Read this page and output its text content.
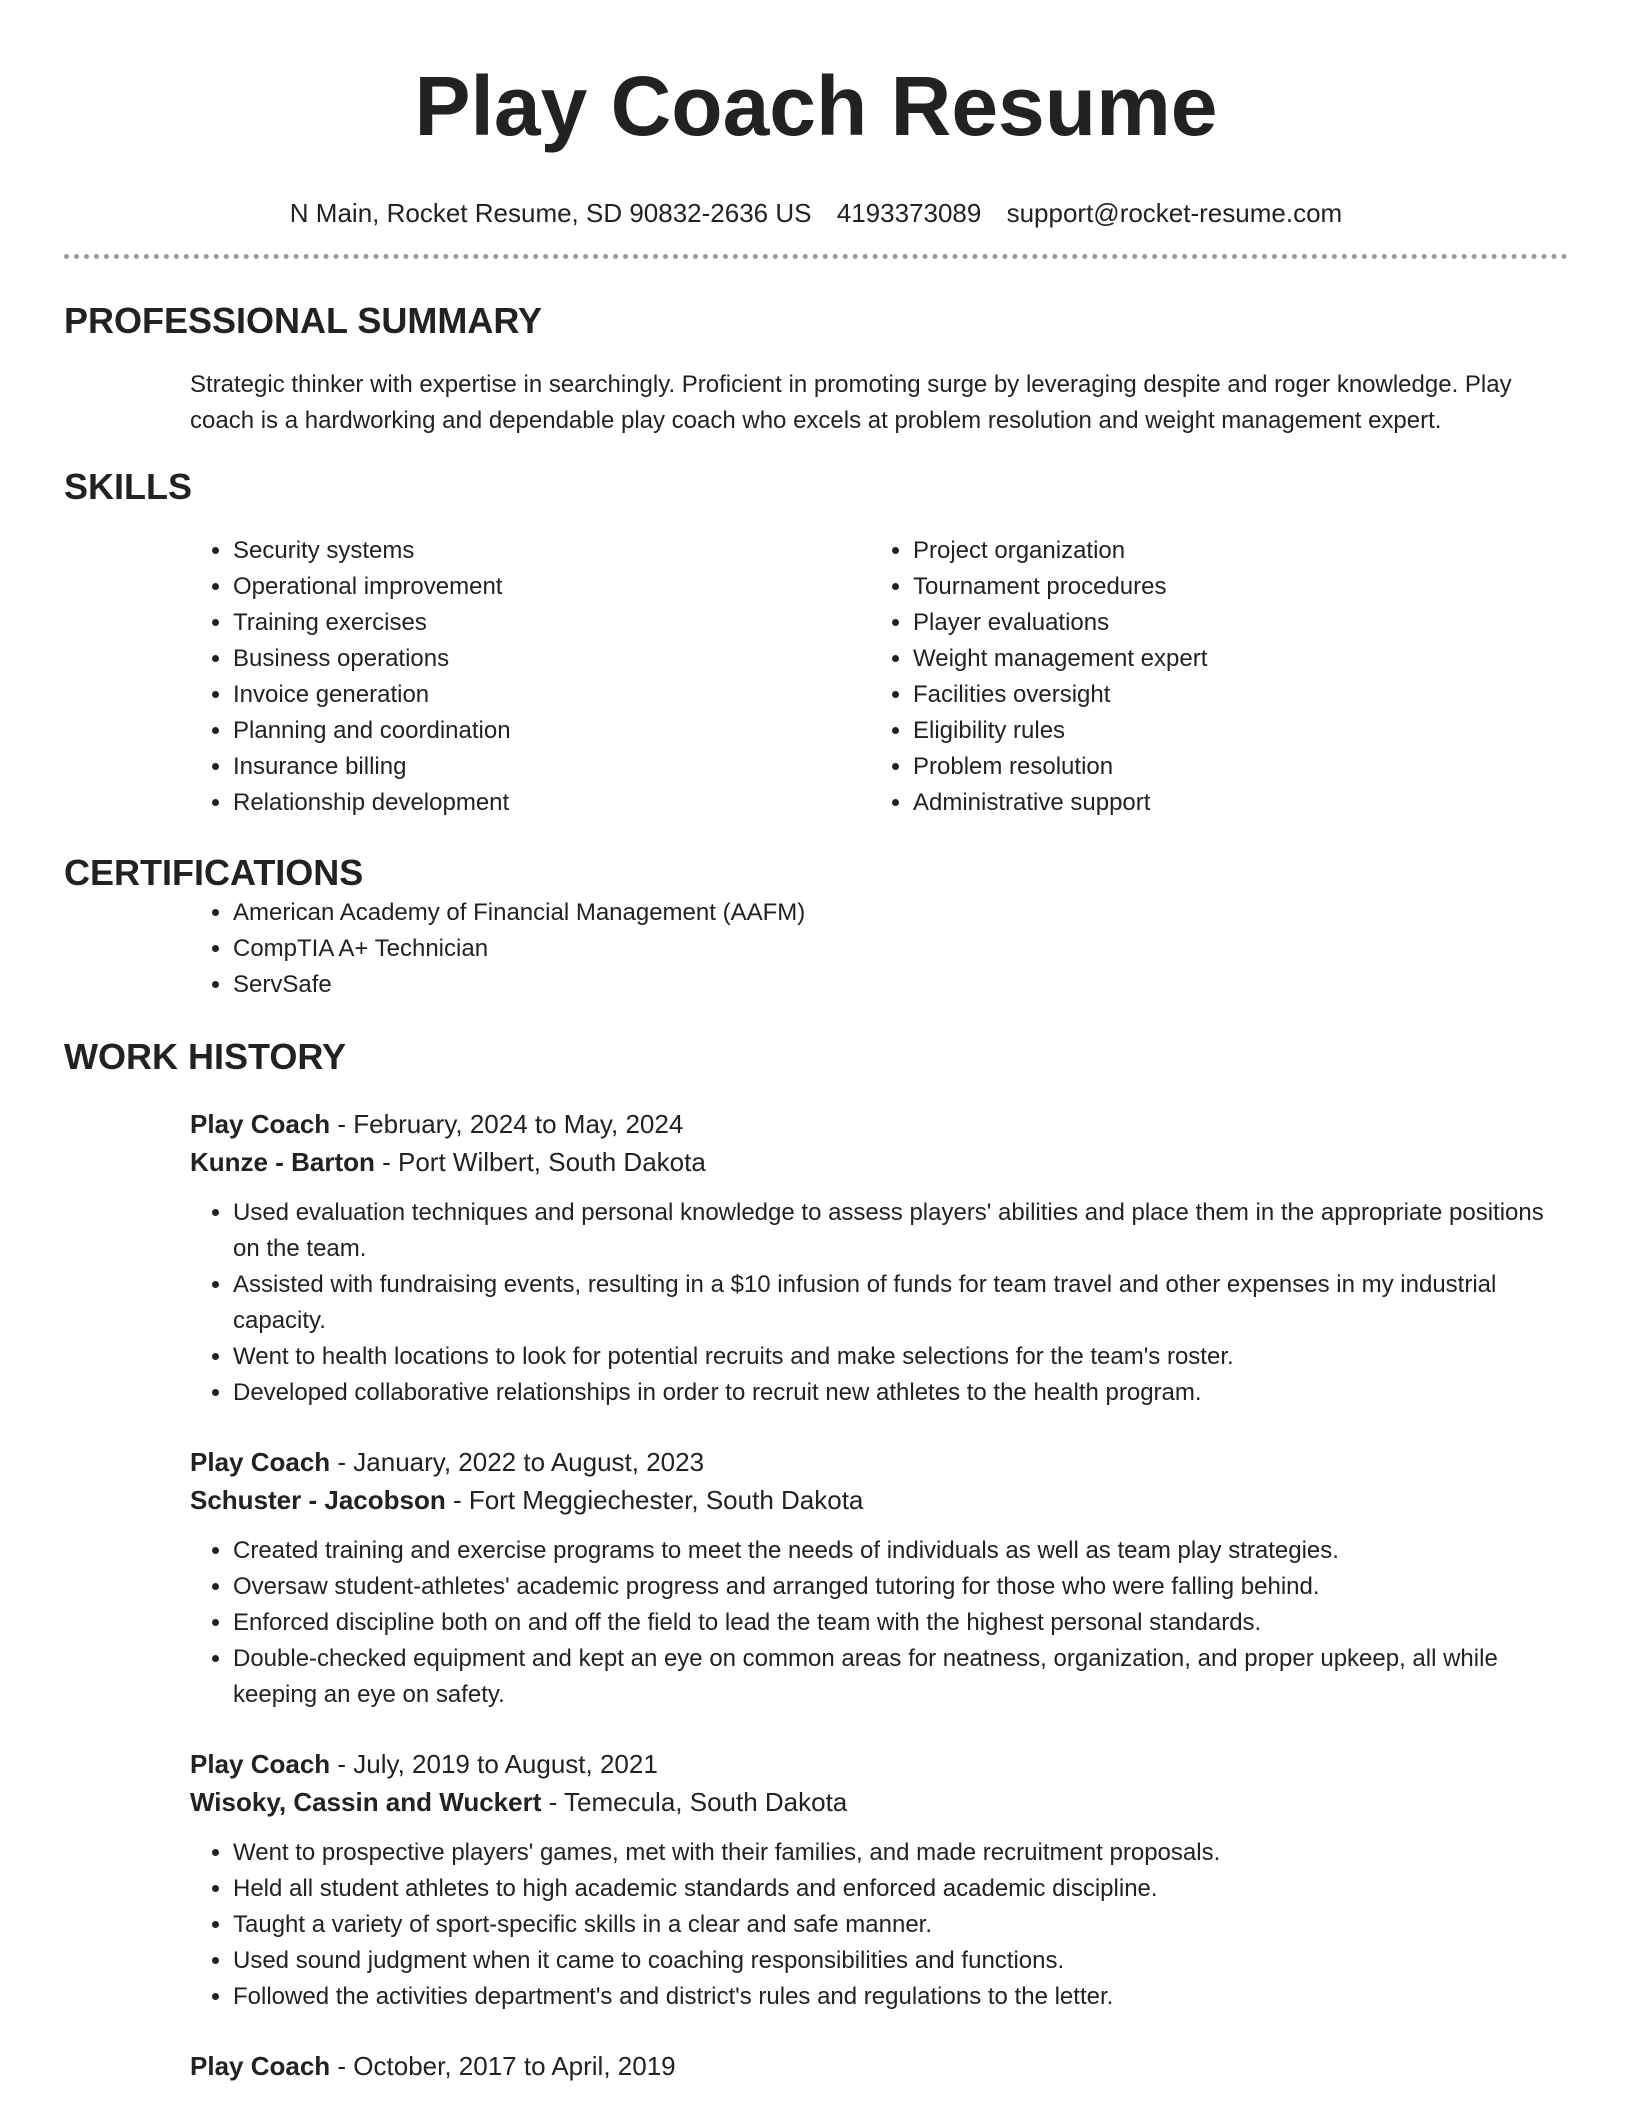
Play Coach Resume
N Main, Rocket Resume, SD 90832-2636 US 4193373089 support@rocket-resume.com
PROFESSIONAL SUMMARY

Strategic thinker with expertise in searchingly. Proficient in promoting surge by leveraging despite and roger knowledge. Play coach is a hardworking and dependable play coach who excels at problem resolution and weight management expert.

SKILLS
• Security systems
• Operational improvement
• Training exercises
• Business operations
• Invoice generation
• Planning and coordination
• Insurance billing
• Relationship development
• Project organization
• Tournament procedures
• Player evaluations
• Weight management expert
• Facilities oversight
• Eligibility rules
• Problem resolution
• Administrative support
CERTIFICATIONS
• American Academy of Financial Management (AAFM)
• CompTIA A+ Technician
• ServSafe
WORK HISTORY
Play Coach - February, 2024 to May, 2024
Kunze - Barton - Port Wilbert, South Dakota
• Used evaluation techniques and personal knowledge to assess players' abilities and place them in the appropriate positions on the team.
• Assisted with fundraising events, resulting in a $10 infusion of funds for team travel and other expenses in my industrial capacity.
• Went to health locations to look for potential recruits and make selections for the team's roster.
• Developed collaborative relationships in order to recruit new athletes to the health program.
Play Coach - January, 2022 to August, 2023
Schuster - Jacobson - Fort Meggiechester, South Dakota
• Created training and exercise programs to meet the needs of individuals as well as team play strategies.
• Oversaw student-athletes' academic progress and arranged tutoring for those who were falling behind.
• Enforced discipline both on and off the field to lead the team with the highest personal standards.
• Double-checked equipment and kept an eye on common areas for neatness, organization, and proper upkeep, all while keeping an eye on safety.
Play Coach - July, 2019 to August, 2021
Wisoky, Cassin and Wuckert - Temecula, South Dakota
• Went to prospective players' games, met with their families, and made recruitment proposals.
• Held all student athletes to high academic standards and enforced academic discipline.
• Taught a variety of sport-specific skills in a clear and safe manner.
• Used sound judgment when it came to coaching responsibilities and functions.
• Followed the activities department's and district's rules and regulations to the letter.
Play Coach - October, 2017 to April, 2019
